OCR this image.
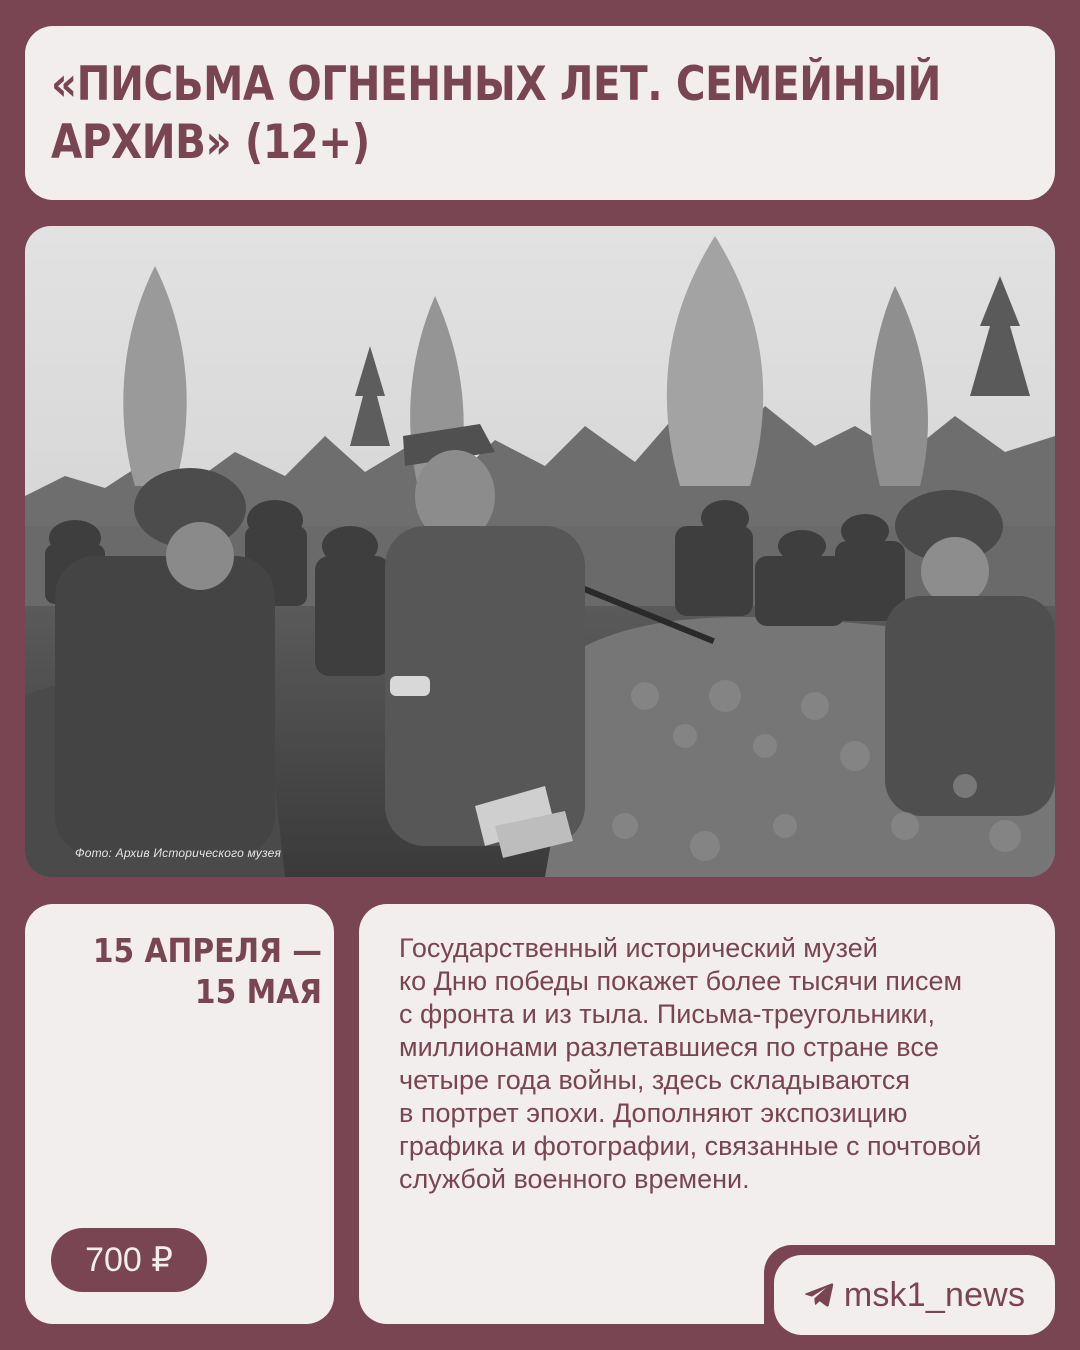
«ПИСЬМА ОГНЕННЫХ ЛЕТ. СЕМЕЙНЫЙ
АРХИВ» (12+)
Фото: Архив Исторического музея
15 АПРЕЛЯ —
15 МАЯ
700 ₽

Государственный исторический музей
ко Дню победы покажет более тысячи писем
с фронта и из тыла. Письма-треугольники,
миллионами разлетавшиеся по стране все
четыре года войны, здесь складываются
в портрет эпохи. Дополняют экспозицию
графика и фотографии, связанные с почтовой
службой военного времени.

msk1_news
